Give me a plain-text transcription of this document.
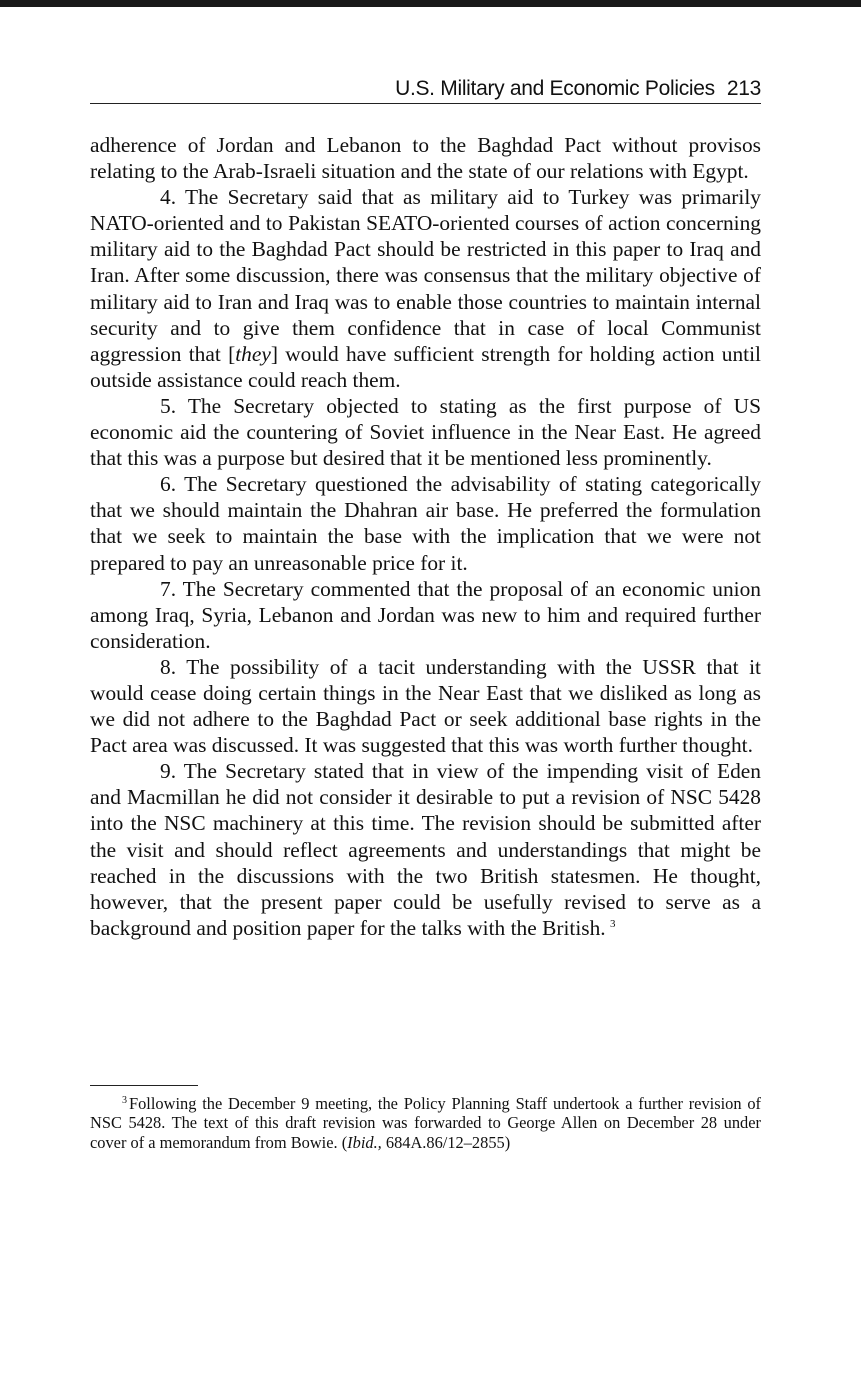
U.S. Military and Economic Policies 213

adherence of Jordan and Lebanon to the Baghdad Pact without provisos relating to the Arab-Israeli situation and the state of our relations with Egypt.

4. The Secretary said that as military aid to Turkey was primarily NATO-oriented and to Pakistan SEATO-oriented courses of action concerning military aid to the Baghdad Pact should be restricted in this paper to Iraq and Iran. After some discussion, there was consensus that the military objective of military aid to Iran and Iraq was to enable those countries to maintain internal security and to give them confidence that in case of local Communist aggression that [they] would have sufficient strength for holding action until outside assistance could reach them.

5. The Secretary objected to stating as the first purpose of US economic aid the countering of Soviet influence in the Near East. He agreed that this was a purpose but desired that it be mentioned less prominently.

6. The Secretary questioned the advisability of stating categorically that we should maintain the Dhahran air base. He preferred the formulation that we seek to maintain the base with the implication that we were not prepared to pay an unreasonable price for it.

7. The Secretary commented that the proposal of an economic union among Iraq, Syria, Lebanon and Jordan was new to him and required further consideration.

8. The possibility of a tacit understanding with the USSR that it would cease doing certain things in the Near East that we disliked as long as we did not adhere to the Baghdad Pact or seek additional base rights in the Pact area was discussed. It was suggested that this was worth further thought.

9. The Secretary stated that in view of the impending visit of Eden and Macmillan he did not consider it desirable to put a revision of NSC 5428 into the NSC machinery at this time. The revision should be submitted after the visit and should reflect agreements and understandings that might be reached in the discussions with the two British statesmen. He thought, however, that the present paper could be usefully revised to serve as a background and position paper for the talks with the British.  $^3$

$^3$ Following the December 9 meeting, the Policy Planning Staff undertook a further revision of NSC 5428. The text of this draft revision was forwarded to George Allen on December 28 under cover of a memorandum from Bowie. (Ibid., 684A.86/12–2855)
